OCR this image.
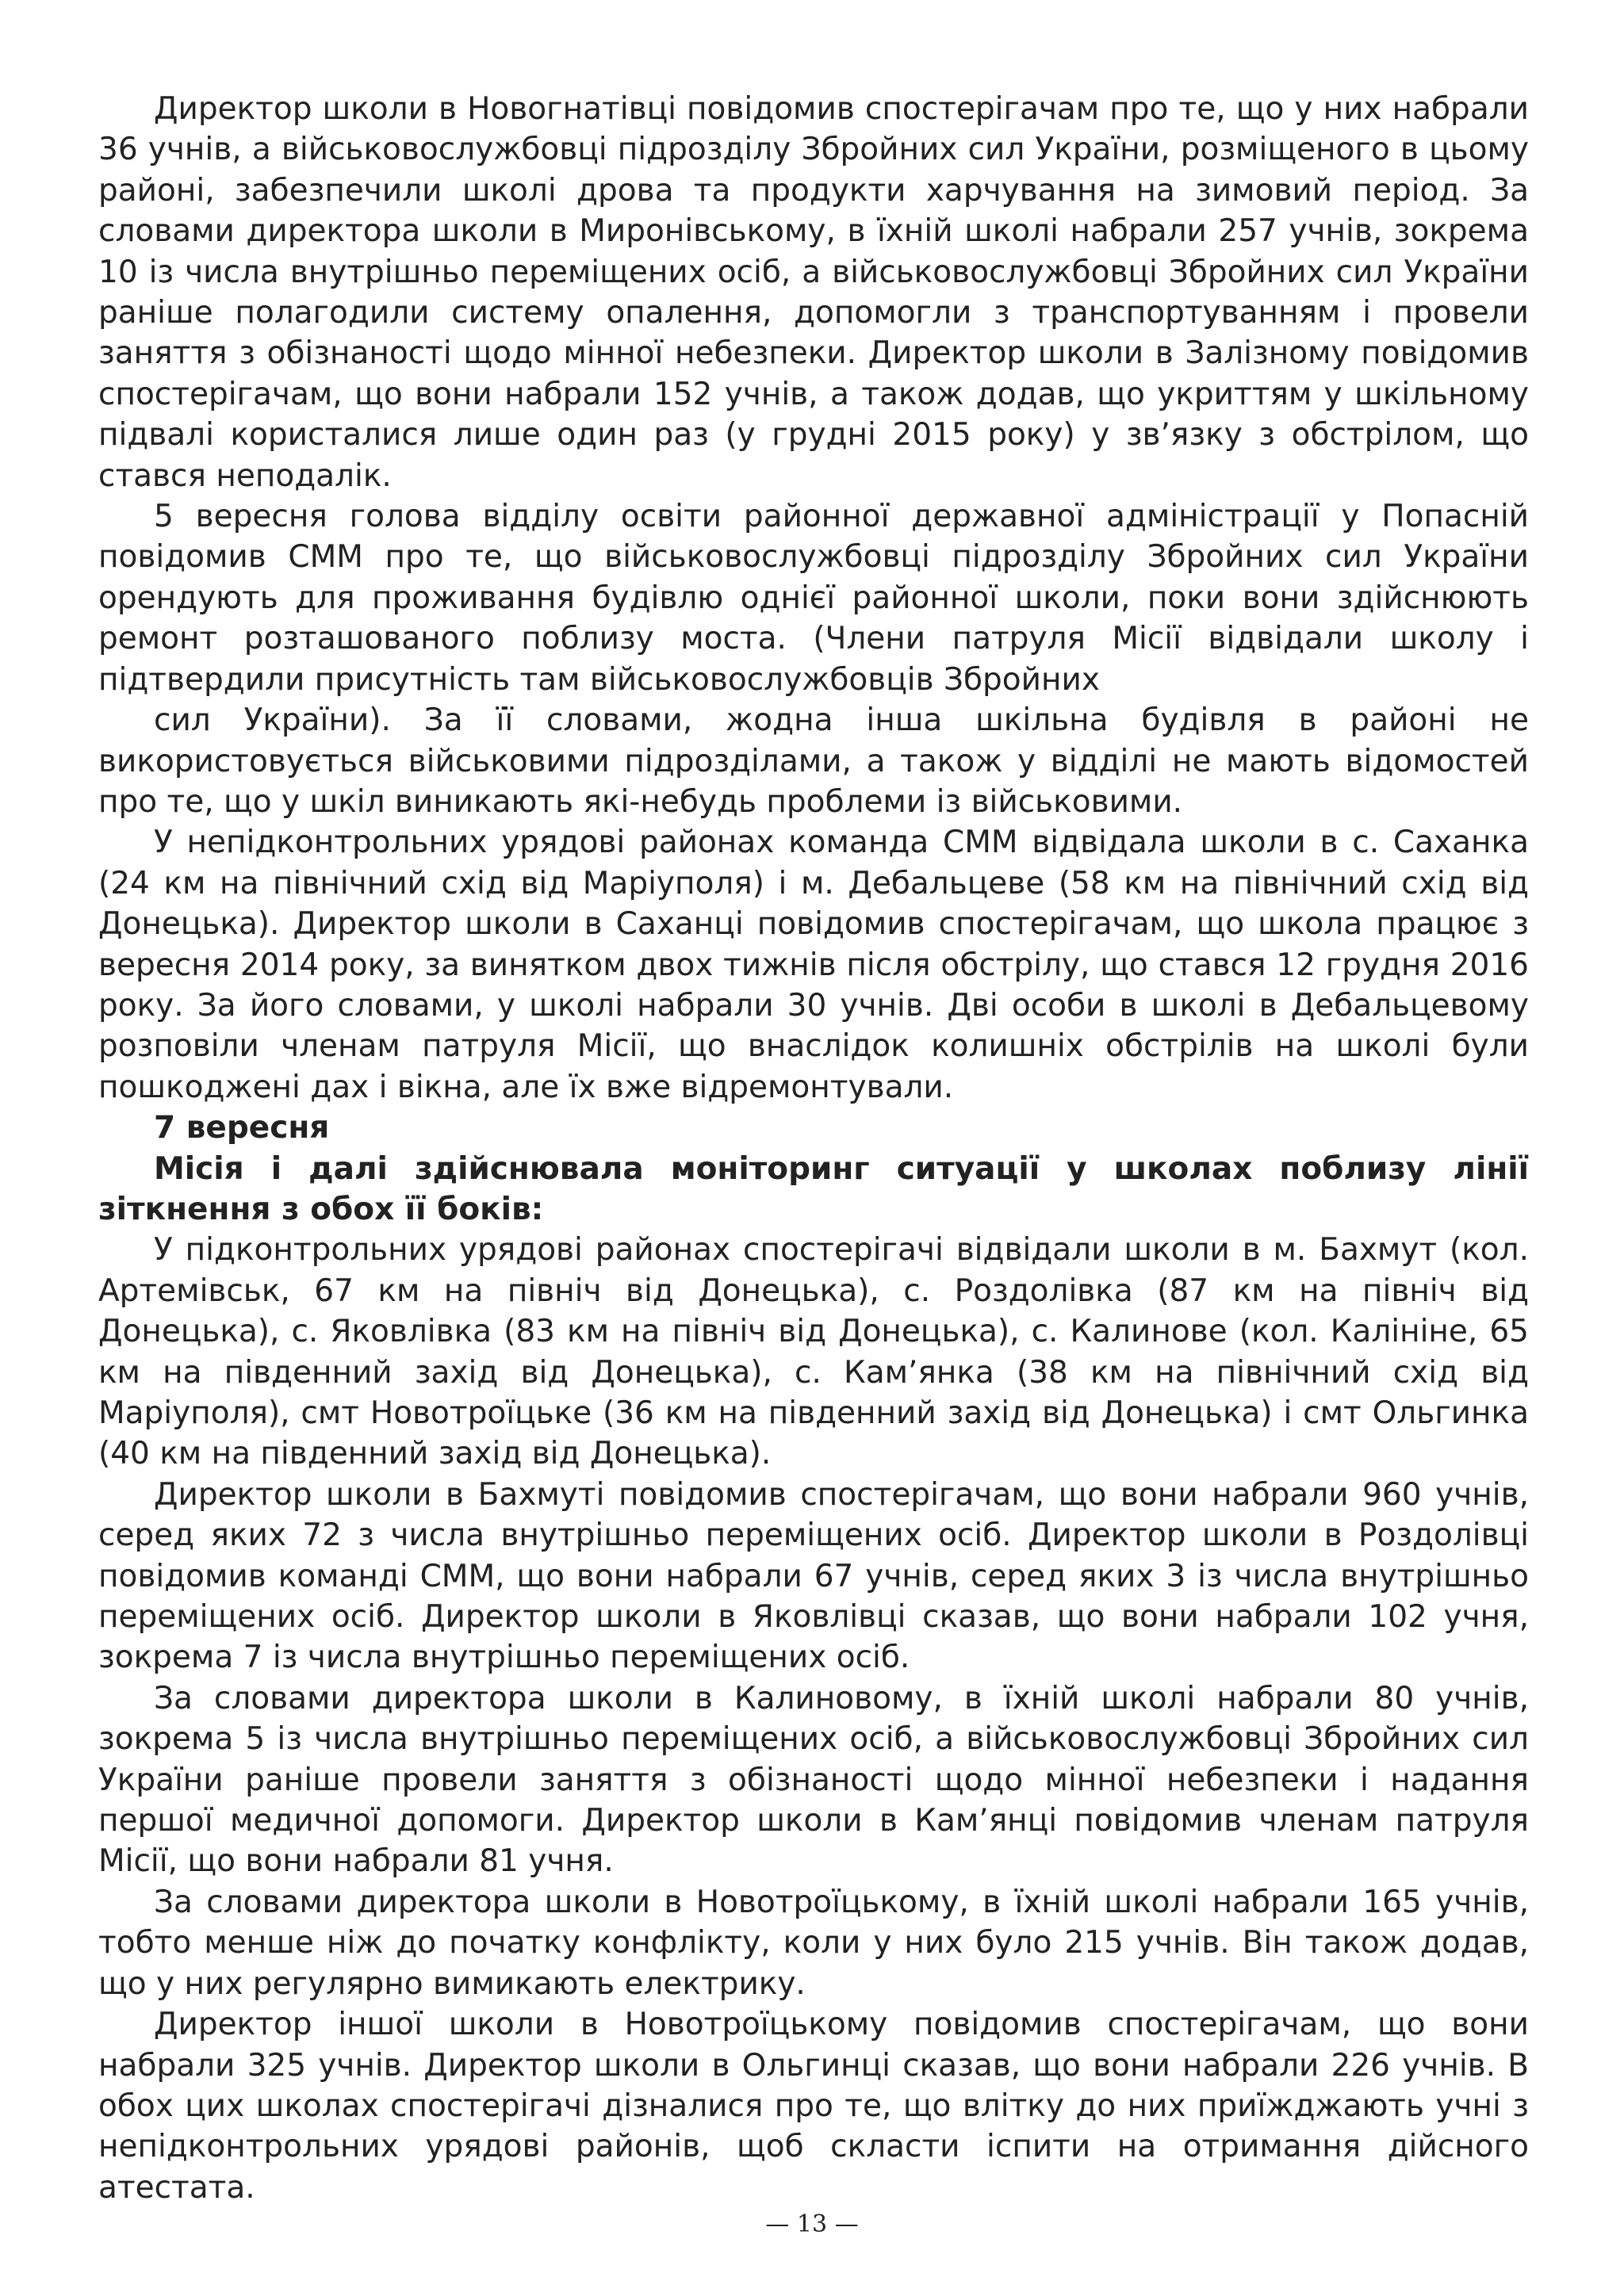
Директор школи в Новогнатівці повідомив спостерігачам про те, що у них набрали 36 учнів, а військовослужбовці підрозділу Збройних сил України, розміщеного в цьому районі, забезпечили школі дрова та продукти харчування на зимовий період. За словами директора школи в Миронівському, в їхній школі набрали 257 учнів, зокрема 10 із числа внутрішньо переміщених осіб, а військовослужбовці Збройних сил України раніше полагодили систему опалення, допомогли з транспортуванням і провели заняття з обізнаності щодо мінної небезпеки. Директор школи в Залізному повідомив спостерігачам, що вони набрали 152 учнів, а також додав, що укриттям у шкільному підвалі користалися лише один раз (у грудні 2015 року) у зв’язку з обстрілом, що стався неподалік.

5 вересня голова відділу освіти районної державної адміністрації у Попасній повідомив СММ про те, що військовослужбовці підрозділу Збройних сил України орендують для проживання будівлю однієї районної школи, поки вони здійснюють ремонт розташованого поблизу моста. (Члени патруля Місії відвідали школу і підтвердили присутність там військовослужбовців Збройних

сил України). За її словами, жодна інша шкільна будівля в районі не використовується військовими підрозділами, а також у відділі не мають відомостей про те, що у шкіл виникають які-небудь проблеми із військовими.

У непідконтрольних урядові районах команда СММ відвідала школи в с. Саханка (24 км на північний схід від Маріуполя) і м. Дебальцеве (58 км на північний схід від Донецька). Директор школи в Саханці повідомив спостерігачам, що школа працює з вересня 2014 року, за винятком двох тижнів після обстрілу, що стався 12 грудня 2016 року. За його словами, у школі набрали 30 учнів. Дві особи в школі в Дебальцевому розповіли членам патруля Місії, що внаслідок колишніх обстрілів на школі були пошкоджені дах і вікна, але їх вже відремонтували.

7 вересня

Місія і далі здійснювала моніторинг ситуації у школах поблизу лінії зіткнення з обох її боків:

У підконтрольних урядові районах спостерігачі відвідали школи в м. Бахмут (кол. Артемівськ, 67 км на північ від Донецька), с. Роздолівка (87 км на північ від Донецька), с. Яковлівка (83 км на північ від Донецька), с. Калинове (кол. Калініне, 65 км на південний захід від Донецька), с. Кам’янка (38 км на північний схід від Маріуполя), смт Новотроїцьке (36 км на південний захід від Донецька) і смт Ольгинка (40 км на південний захід від Донецька).

Директор школи в Бахмуті повідомив спостерігачам, що вони набрали 960 учнів, серед яких 72 з числа внутрішньо переміщених осіб. Директор школи в Роздолівці повідомив команді СММ, що вони набрали 67 учнів, серед яких 3 із числа внутрішньо переміщених осіб. Директор школи в Яковлівці сказав, що вони набрали 102 учня, зокрема 7 із числа внутрішньо переміщених осіб.

За словами директора школи в Калиновому, в їхній школі набрали 80 учнів, зокрема 5 із числа внутрішньо переміщених осіб, а військовослужбовці Збройних сил України раніше провели заняття з обізнаності щодо мінної небезпеки і надання першої медичної допомоги. Директор школи в Кам’янці повідомив членам патруля Місії, що вони набрали 81 учня.

За словами директора школи в Новотроїцькому, в їхній школі набрали 165 учнів, тобто менше ніж до початку конфлікту, коли у них було 215 учнів. Він також додав, що у них регулярно вимикають електрику.

Директор іншої школи в Новотроїцькому повідомив спостерігачам, що вони набрали 325 учнів. Директор школи в Ольгинці сказав, що вони набрали 226 учнів. В обох цих школах спостерігачі дізналися про те, що влітку до них приїжджають учні з непідконтрольних урядові районів, щоб скласти іспити на отримання дійсного атестата.

— 13 —
